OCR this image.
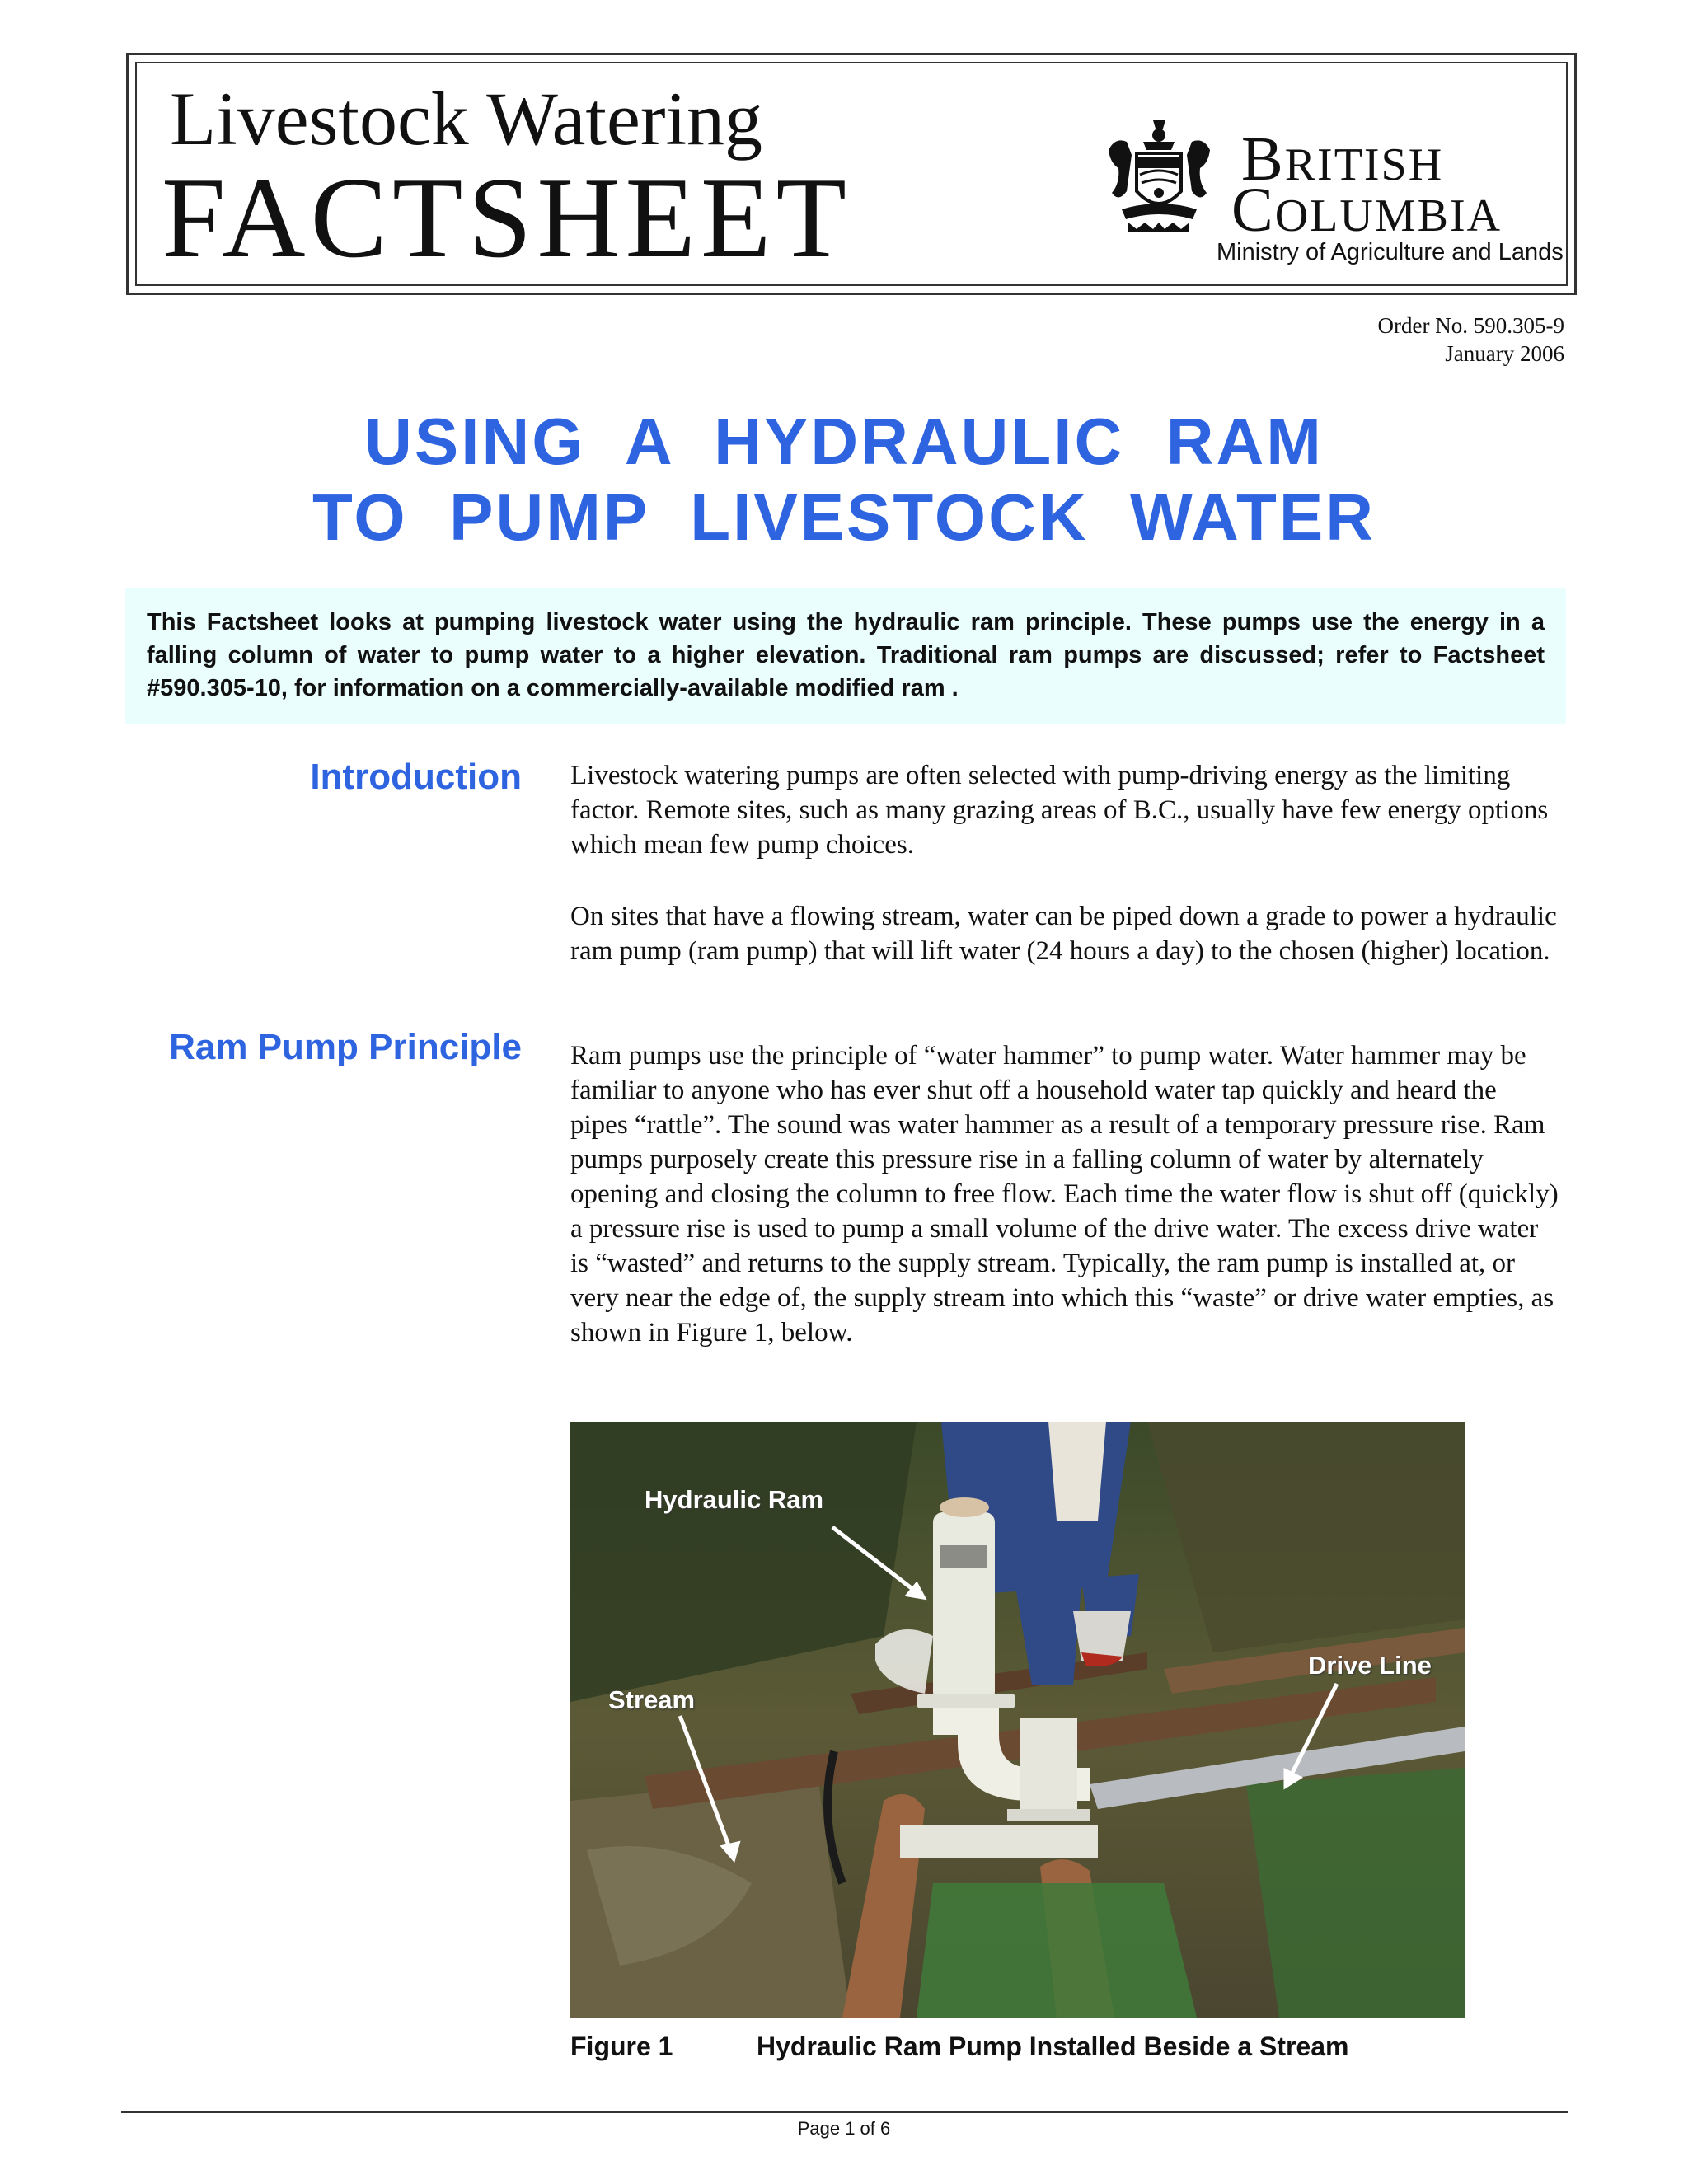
Livestock Watering
FACTSHEET	BRITISH
COLUMBIA
Ministry of Agriculture and Lands
Order No. 590.305-9
January 2006
USING  A  HYDRAULIC  RAM
TO  PUMP  LIVESTOCK  WATER
This Factsheet looks at pumping livestock water using the hydraulic ram principle. These pumps use the energy in a falling column of water to pump water to a higher elevation. Traditional ram pumps are discussed; refer to Factsheet #590.305-10, for information on a commercially-available modified ram .
Introduction Livestock watering pumps are often selected with pump-driving energy as the limiting factor. Remote sites, such as many grazing areas of B.C., usually have few energy options which mean few pump choices.
On sites that have a flowing stream, water can be piped down a grade to power a hydraulic ram pump (ram pump) that will lift water (24 hours a day) to the chosen (higher) location.
Ram Pump Principle Ram pumps use the principle of “water hammer” to pump water. Water hammer may be familiar to anyone who has ever shut off a household water tap quickly and heard the pipes “rattle”. The sound was water hammer as a result of a temporary pressure rise. Ram pumps purposely create this pressure rise in a falling column of water by alternately opening and closing the column to free flow. Each time the water flow is shut off (quickly) a pressure rise is used to pump a small volume of the drive water. The excess drive water is “wasted” and returns to the supply stream. Typically, the ram pump is installed at, or very near the edge of, the supply stream into which this “waste” or drive water empties, as shown in Figure 1, below.
Hydraulic Ram
Stream
Drive Line
Figure 1	Hydraulic Ram Pump Installed Beside a Stream
Page 1 of 6
